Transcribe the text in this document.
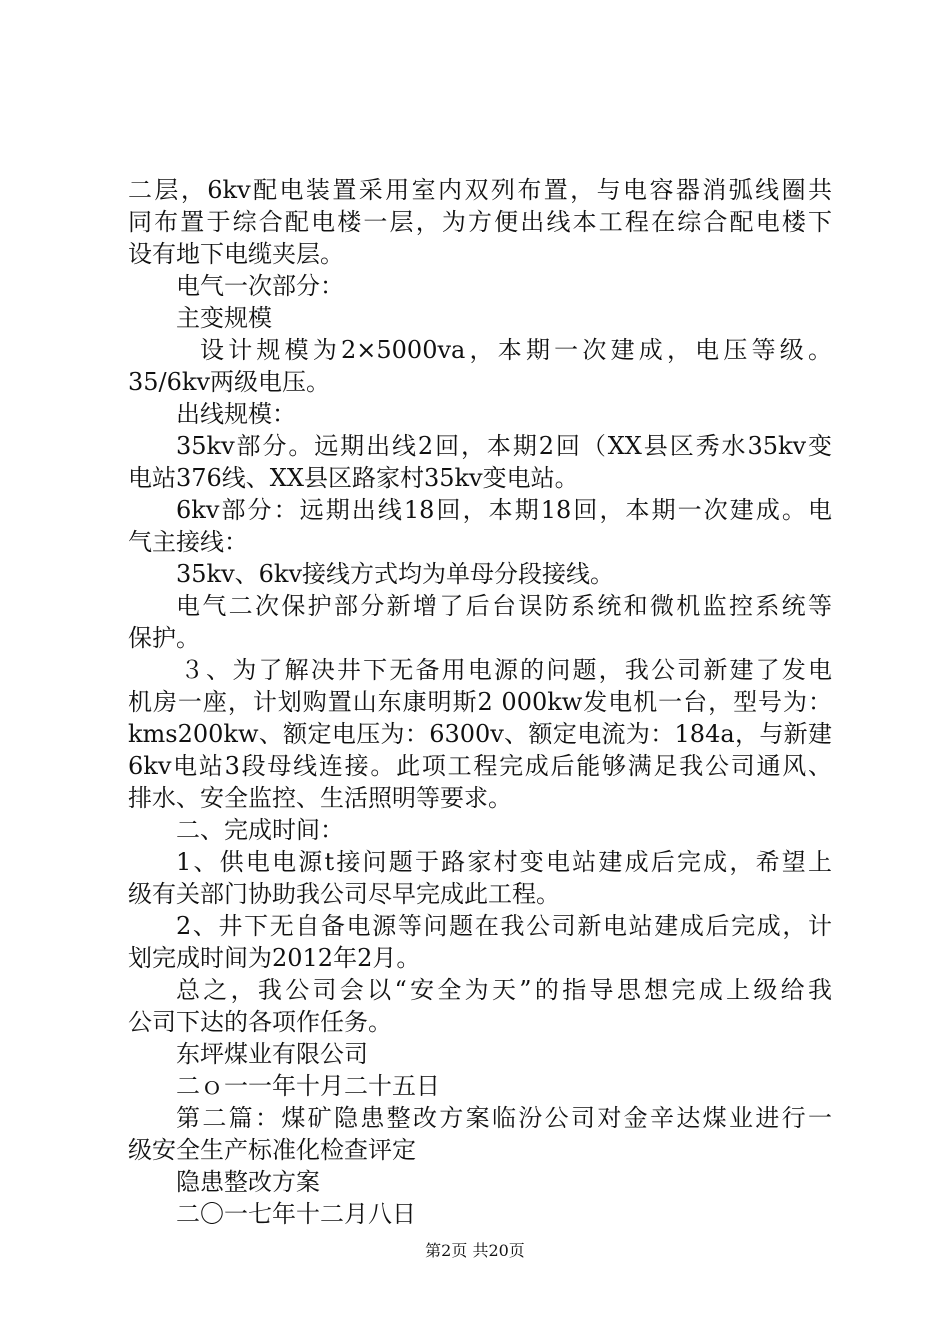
二层，6kv配电装置采用室内双列布置，与电容器消弧线圈共

同布置于综合配电楼一层，为方便出线本工程在综合配电楼下

设有地下电缆夹层。

电气一次部分：

主变规模

设计规模为2×5000va，本期一次建成，电压等级。

35/6kv两级电压。

出线规模：

35kv部分。远期出线2回，本期2回（XX县区秀水35kv变

电站376线、XX县区路家村35kv变电站。

6kv部分：远期出线18回，本期18回，本期一次建成。电

气主接线：

35kv、6kv接线方式均为单母分段接线。

电气二次保护部分新增了后台误防系统和微机监控系统等

保护。

３、为了解决井下无备用电源的问题，我公司新建了发电

机房一座，计划购置山东康明斯2 000kw发电机一台，型号为：

kms200kw、额定电压为：6300v、额定电流为：184a，与新建

6kv电站3段母线连接。此项工程完成后能够满足我公司通风、

排水、安全监控、生活照明等要求。

二、完成时间：

1、供电电源t接问题于路家村变电站建成后完成，希望上

级有关部门协助我公司尽早完成此工程。

2、井下无自备电源等问题在我公司新电站建成后完成，计

划完成时间为2012年2月。

总之，我公司会以“安全为天”的指导思想完成上级给我

公司下达的各项作任务。

东坪煤业有限公司

二ｏ一一年十月二十五日

第二篇：煤矿隐患整改方案临汾公司对金辛达煤业进行一

级安全生产标准化检查评定

隐患整改方案

二〇一七年十二月八日

第2页 共20页
